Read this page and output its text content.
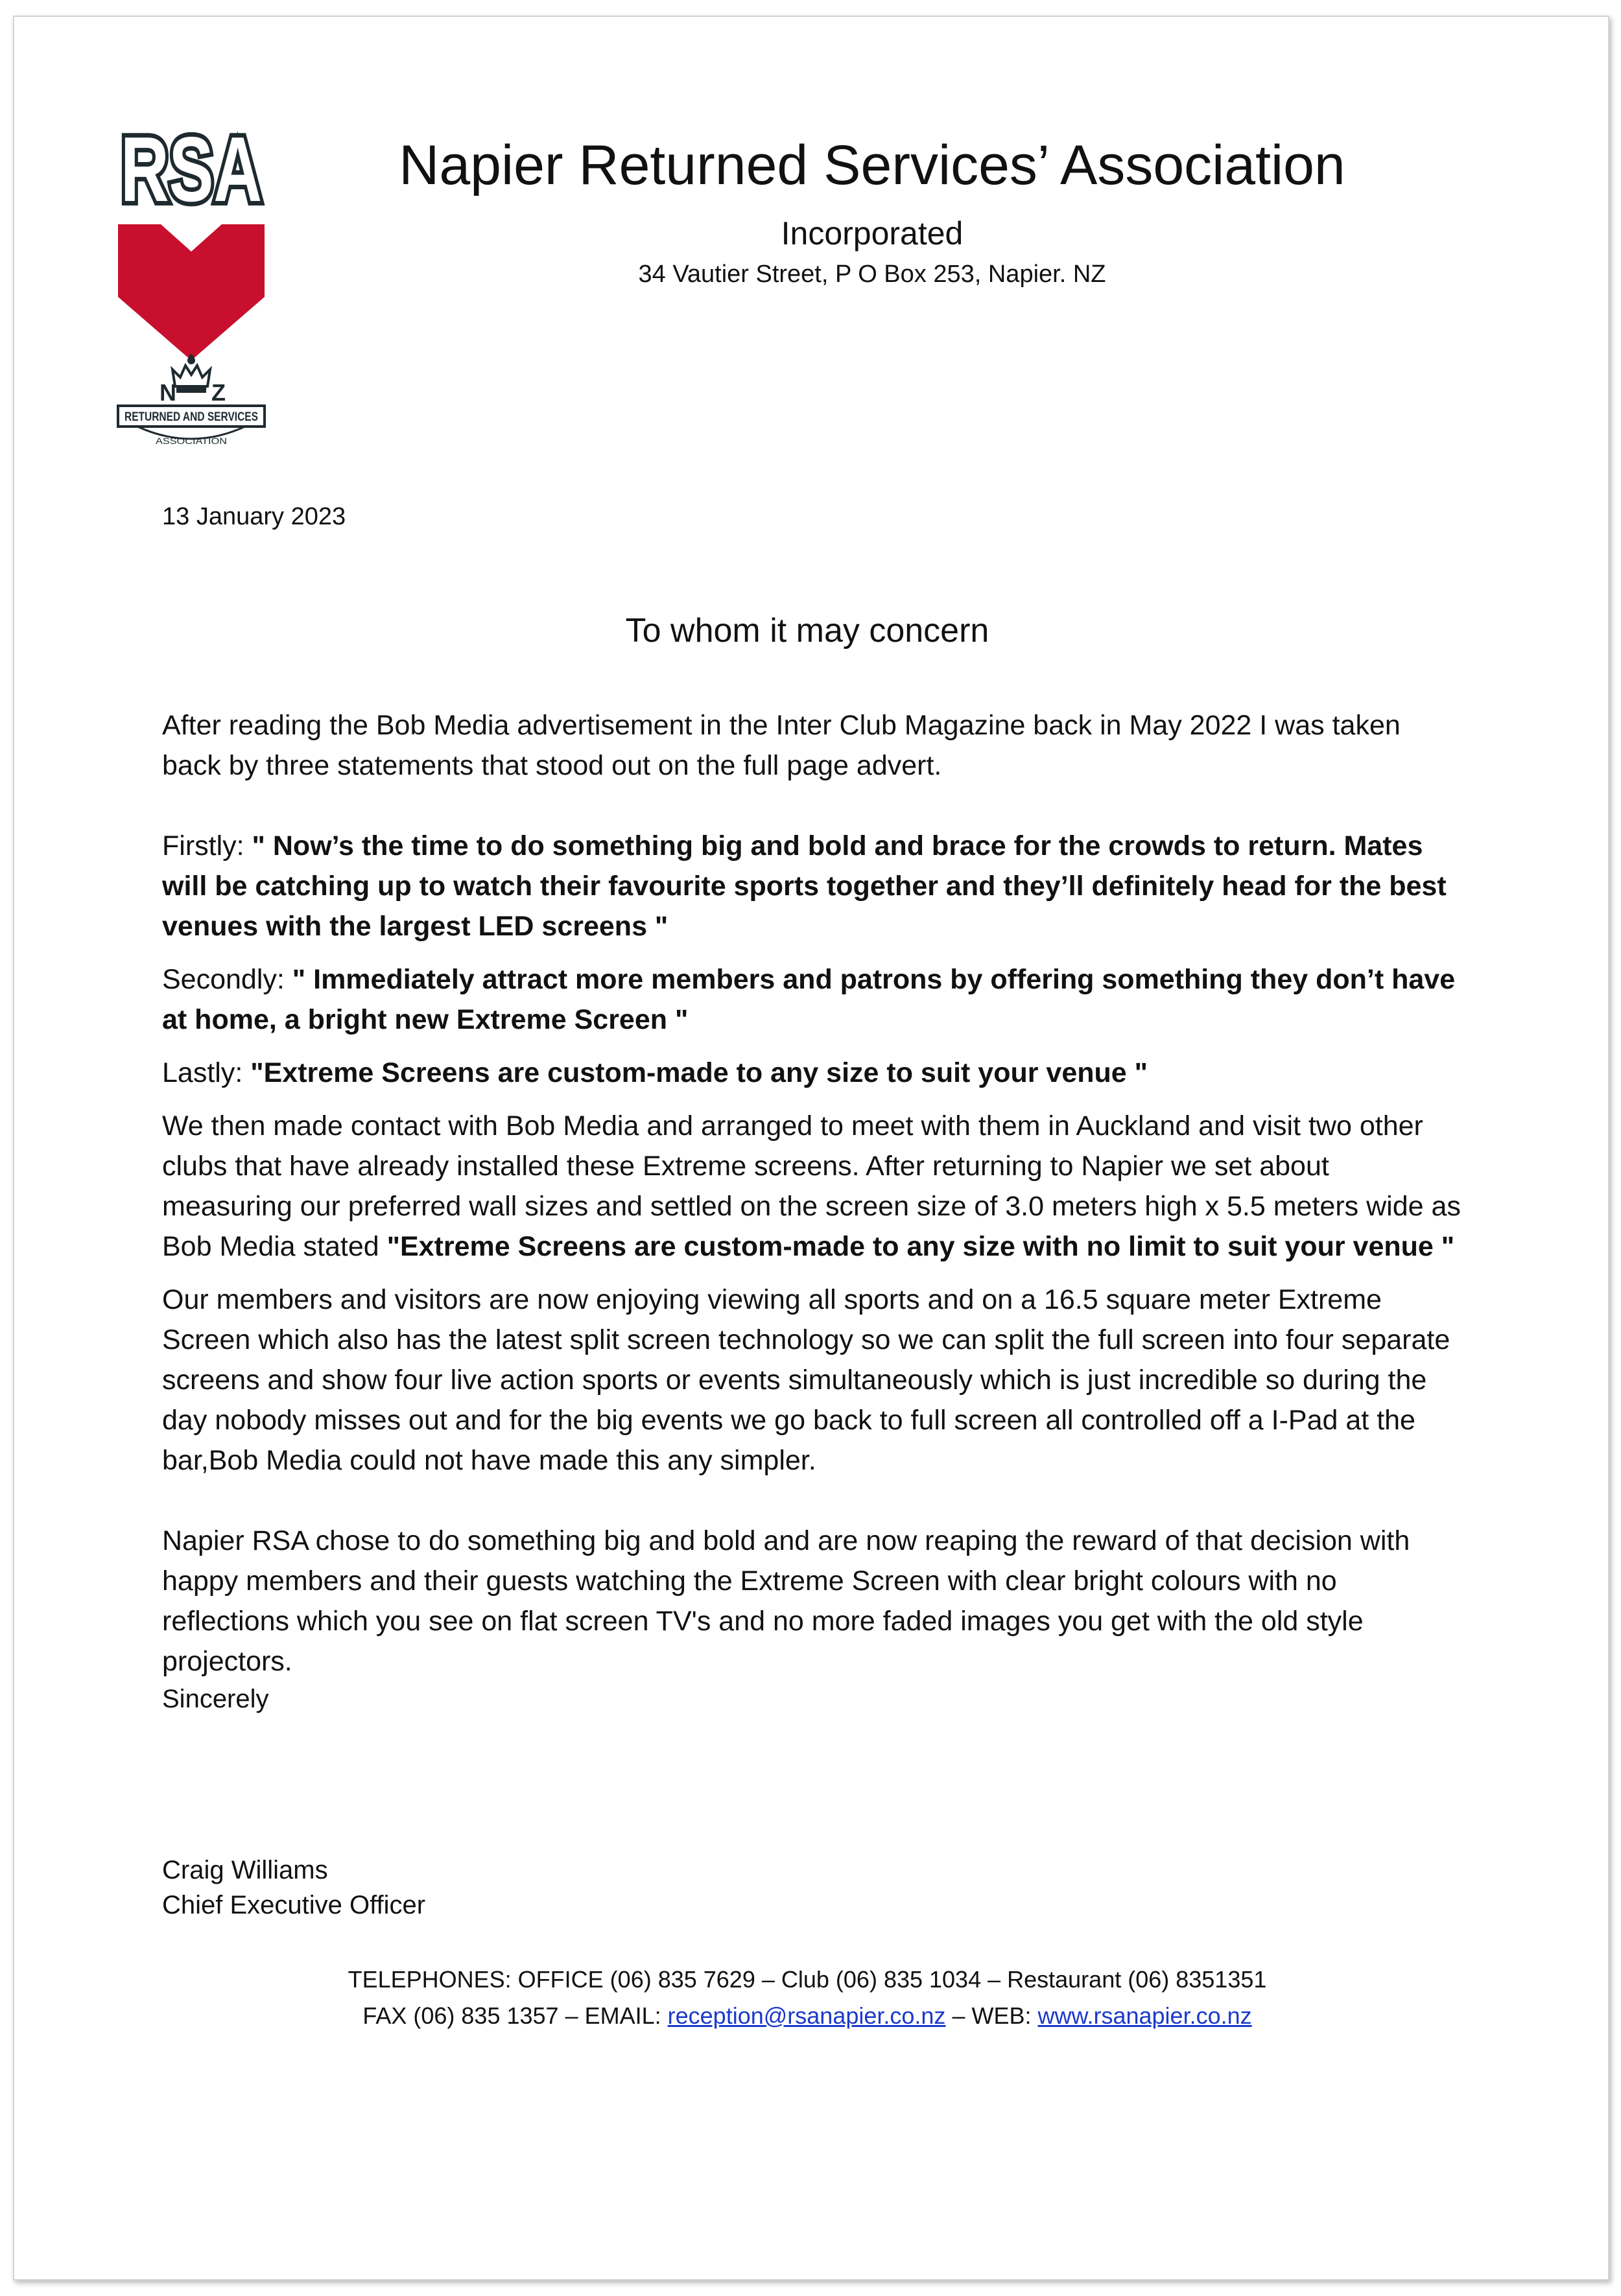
RSA
N Z
RETURNED AND SERVICES
ASSOCIATION
Napier Returned Services’ Association
Incorporated
34 Vautier Street, P O Box 253, Napier. NZ
13 January 2023
To whom it may concern

After reading the Bob Media advertisement in the Inter Club Magazine back in May 2022 I was taken back by three statements that stood out on the full page advert.

Firstly: " Now’s the time to do something big and bold and brace for the crowds to return. Mates will be catching up to watch their favourite sports together and they’ll definitely head for the best venues with the largest LED screens "

Secondly: " Immediately attract more members and patrons by offering something they don’t have at home, a bright new Extreme Screen "

Lastly: "Extreme Screens are custom-made to any size to suit your venue "

We then made contact with Bob Media and arranged to meet with them in Auckland and visit two other clubs that have already installed these Extreme screens. After returning to Napier we set about measuring our preferred wall sizes and settled on the screen size of 3.0 meters high x 5.5 meters wide as Bob Media stated "Extreme Screens are custom-made to any size with no limit to suit your venue "

Our members and visitors are now enjoying viewing all sports and on a 16.5 square meter Extreme Screen which also has the latest split screen technology so we can split the full screen into four separate screens and show four live action sports or events simultaneously which is just incredible so during the day nobody misses out and for the big events we go back to full screen all controlled off a I-Pad at the bar,Bob Media could not have made this any simpler.

Napier RSA chose to do something big and bold and are now reaping the reward of that decision with happy members and their guests watching the Extreme Screen with clear bright colours with no reflections which you see on flat screen TV's and no more faded images you get with the old style projectors.

Sincerely

Craig Williams
Chief Executive Officer
TELEPHONES: OFFICE (06) 835 7629 – Club (06) 835 1034 – Restaurant (06) 8351351
FAX (06) 835 1357 – EMAIL: reception@rsanapier.co.nz – WEB: www.rsanapier.co.nz
